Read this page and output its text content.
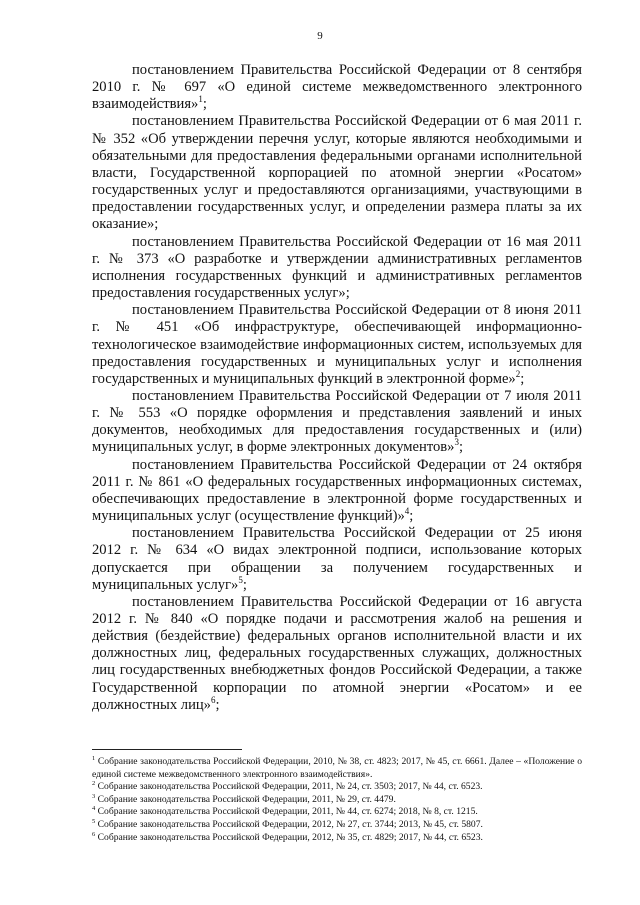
9

постановлением Правительства Российской Федерации от 8 сентября 2010 г. № 697 «О единой системе межведомственного электронного взаимодействия»$^1$;

постановлением Правительства Российской Федерации от 6 мая 2011 г. № 352 «Об утверждении перечня услуг, которые являются необходимыми и обязательными для предоставления федеральными органами исполнительной власти, Государственной корпорацией по атомной энергии «Росатом» государственных услуг и предоставляются организациями, участвующими в предоставлении государственных услуг, и определении размера платы за их оказание»;

постановлением Правительства Российской Федерации от 16 мая 2011 г. № 373 «О разработке и утверждении административных регламентов исполнения государственных функций и административных регламентов предоставления государственных услуг»;

постановлением Правительства Российской Федерации от 8 июня 2011 г. № 451 «Об инфраструктуре, обеспечивающей информационно-технологическое взаимодействие информационных систем, используемых для предоставления государственных и муниципальных услуг и исполнения государственных и муниципальных функций в электронной форме»$^2$;

постановлением Правительства Российской Федерации от 7 июля 2011 г. № 553 «О порядке оформления и представления заявлений и иных документов, необходимых для предоставления государственных и (или) муниципальных услуг, в форме электронных документов»$^3$;

постановлением Правительства Российской Федерации от 24 октября 2011 г. № 861 «О федеральных государственных информационных системах, обеспечивающих предоставление в электронной форме государственных и муниципальных услуг (осуществление функций)»$^4$;

постановлением Правительства Российской Федерации от 25 июня 2012 г. № 634 «О видах электронной подписи, использование которых допускается при обращении за получением государственных и муниципальных услуг»$^5$;

постановлением Правительства Российской Федерации от 16 августа 2012 г. № 840 «О порядке подачи и рассмотрения жалоб на решения и действия (бездействие) федеральных органов исполнительной власти и их должностных лиц, федеральных государственных служащих, должностных лиц государственных внебюджетных фондов Российской Федерации, а также Государственной корпорации по атомной энергии «Росатом» и ее должностных лиц»$^6$;

$^1$ Собрание законодательства Российской Федерации, 2010, № 38, ст. 4823; 2017, № 45, ст. 6661. Далее – «Положение о единой системе межведомственного электронного взаимодействия».

$^2$ Собрание законодательства Российской Федерации, 2011, № 24, ст. 3503; 2017, № 44, ст. 6523.

$^3$ Собрание законодательства Российской Федерации, 2011, № 29, ст. 4479.

$^4$ Собрание законодательства Российской Федерации, 2011, № 44, ст. 6274; 2018, № 8, ст. 1215.

$^5$ Собрание законодательства Российской Федерации, 2012, № 27, ст. 3744; 2013, № 45, ст. 5807.

$^6$ Собрание законодательства Российской Федерации, 2012, № 35, ст. 4829; 2017, № 44, ст. 6523.
